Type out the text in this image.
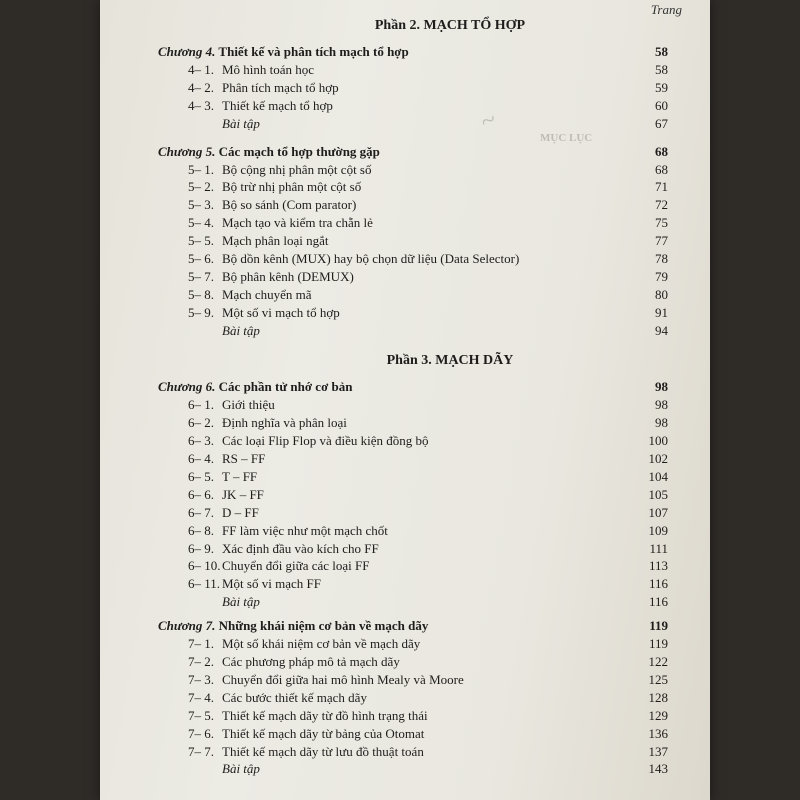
Trang
~
MỤC LỤC
Phần 2. MẠCH TỔ HỢP
Chương 4. Thiết kế và phân tích mạch tổ hợp	58
4– 1. Mô hình toán học	58
4– 2. Phân tích mạch tổ hợp	59
4– 3. Thiết kế mạch tổ hợp	60
Bài tập	67
Chương 5. Các mạch tổ hợp thường gặp	68
5– 1. Bộ cộng nhị phân một cột số	68
5– 2. Bộ trừ nhị phân một cột số	71
5– 3. Bộ so sánh (Com parator)	72
5– 4. Mạch tạo và kiểm tra chẵn lẻ	75
5– 5. Mạch phân loại ngắt	77
5– 6. Bộ dồn kênh (MUX) hay bộ chọn dữ liệu (Data Selector)	78
5– 7. Bộ phân kênh (DEMUX)	79
5– 8. Mạch chuyển mã	80
5– 9. Một số vi mạch tổ hợp	91
Bài tập	94
Phần 3. MẠCH DÃY
Chương 6. Các phần tử nhớ cơ bản	98
6– 1. Giới thiệu	98
6– 2. Định nghĩa và phân loại	98
6– 3. Các loại Flip Flop và điều kiện đồng bộ	100
6– 4. RS – FF	102
6– 5. T – FF	104
6– 6. JK – FF	105
6– 7. D – FF	107
6– 8. FF làm việc như một mạch chốt	109
6– 9. Xác định đầu vào kích cho FF	111
6– 10. Chuyển đổi giữa các loại FF	113
6– 11. Một số vi mạch FF	116
Bài tập	116
Chương 7. Những khái niệm cơ bản về mạch dãy	119
7– 1. Một số khái niệm cơ bản về mạch dãy	119
7– 2. Các phương pháp mô tả mạch dãy	122
7– 3. Chuyển đổi giữa hai mô hình Mealy và Moore	125
7– 4. Các bước thiết kế mạch dãy	128
7– 5. Thiết kế mạch dãy từ đồ hình trạng thái	129
7– 6. Thiết kế mạch dãy từ bảng của Otomat	136
7– 7. Thiết kế mạch dãy từ lưu đồ thuật toán	137
Bài tập	143
